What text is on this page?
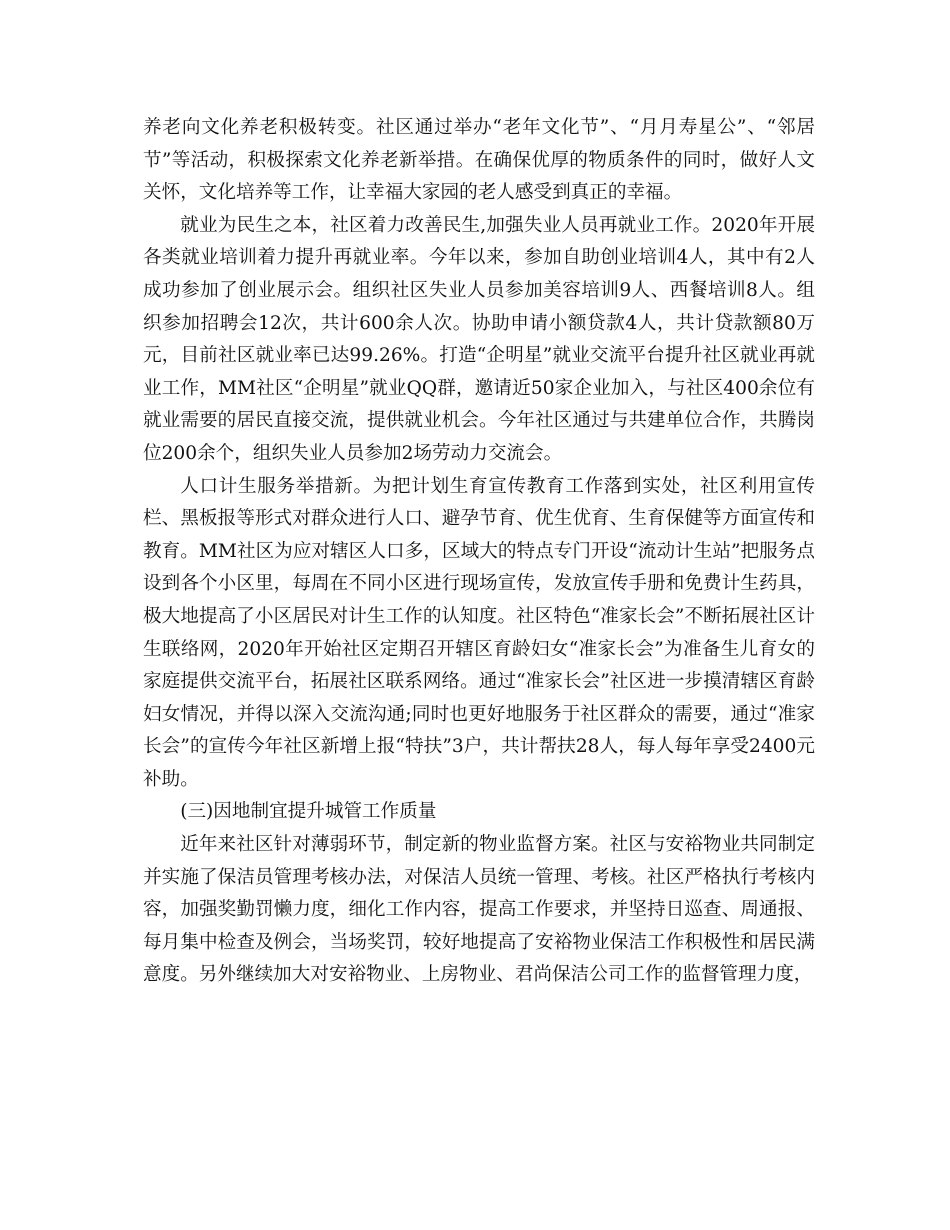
养老向文化养老积极转变。社区通过举办“老年文化节”、“月月寿星公”、“邻居节”等活动，积极探索文化养老新举措。在确保优厚的物质条件的同时，做好人文关怀，文化培养等工作，让幸福大家园的老人感受到真正的幸福。

就业为民生之本，社区着力改善民生,加强失业人员再就业工作。2020年开展各类就业培训着力提升再就业率。今年以来，参加自助创业培训4人，其中有2人成功参加了创业展示会。组织社区失业人员参加美容培训9人、西餐培训8人。组织参加招聘会12次，共计600余人次。协助申请小额贷款4人，共计贷款额80万元，目前社区就业率已达99.26%。打造“企明星”就业交流平台提升社区就业再就业工作，MM社区“企明星”就业QQ群，邀请近50家企业加入，与社区400余位有就业需要的居民直接交流，提供就业机会。今年社区通过与共建单位合作，共腾岗位200余个，组织失业人员参加2场劳动力交流会。

人口计生服务举措新。为把计划生育宣传教育工作落到实处，社区利用宣传栏、黑板报等形式对群众进行人口、避孕节育、优生优育、生育保健等方面宣传和教育。MM社区为应对辖区人口多，区域大的特点专门开设“流动计生站”把服务点设到各个小区里，每周在不同小区进行现场宣传，发放宣传手册和免费计生药具，极大地提高了小区居民对计生工作的认知度。社区特色“准家长会”不断拓展社区计生联络网，2020年开始社区定期召开辖区育龄妇女“准家长会”为准备生儿育女的家庭提供交流平台，拓展社区联系网络。通过“准家长会”社区进一步摸清辖区育龄妇女情况，并得以深入交流沟通;同时也更好地服务于社区群众的需要，通过“准家长会”的宣传今年社区新增上报“特扶”3户，共计帮扶28人，每人每年享受2400元补助。

(三)因地制宜提升城管工作质量

近年来社区针对薄弱环节，制定新的物业监督方案。社区与安裕物业共同制定并实施了保洁员管理考核办法，对保洁人员统一管理、考核。社区严格执行考核内容，加强奖勤罚懒力度，细化工作内容，提高工作要求，并坚持日巡查、周通报、每月集中检查及例会，当场奖罚，较好地提高了安裕物业保洁工作积极性和居民满意度。另外继续加大对安裕物业、上房物业、君尚保洁公司工作的监督管理力度，
